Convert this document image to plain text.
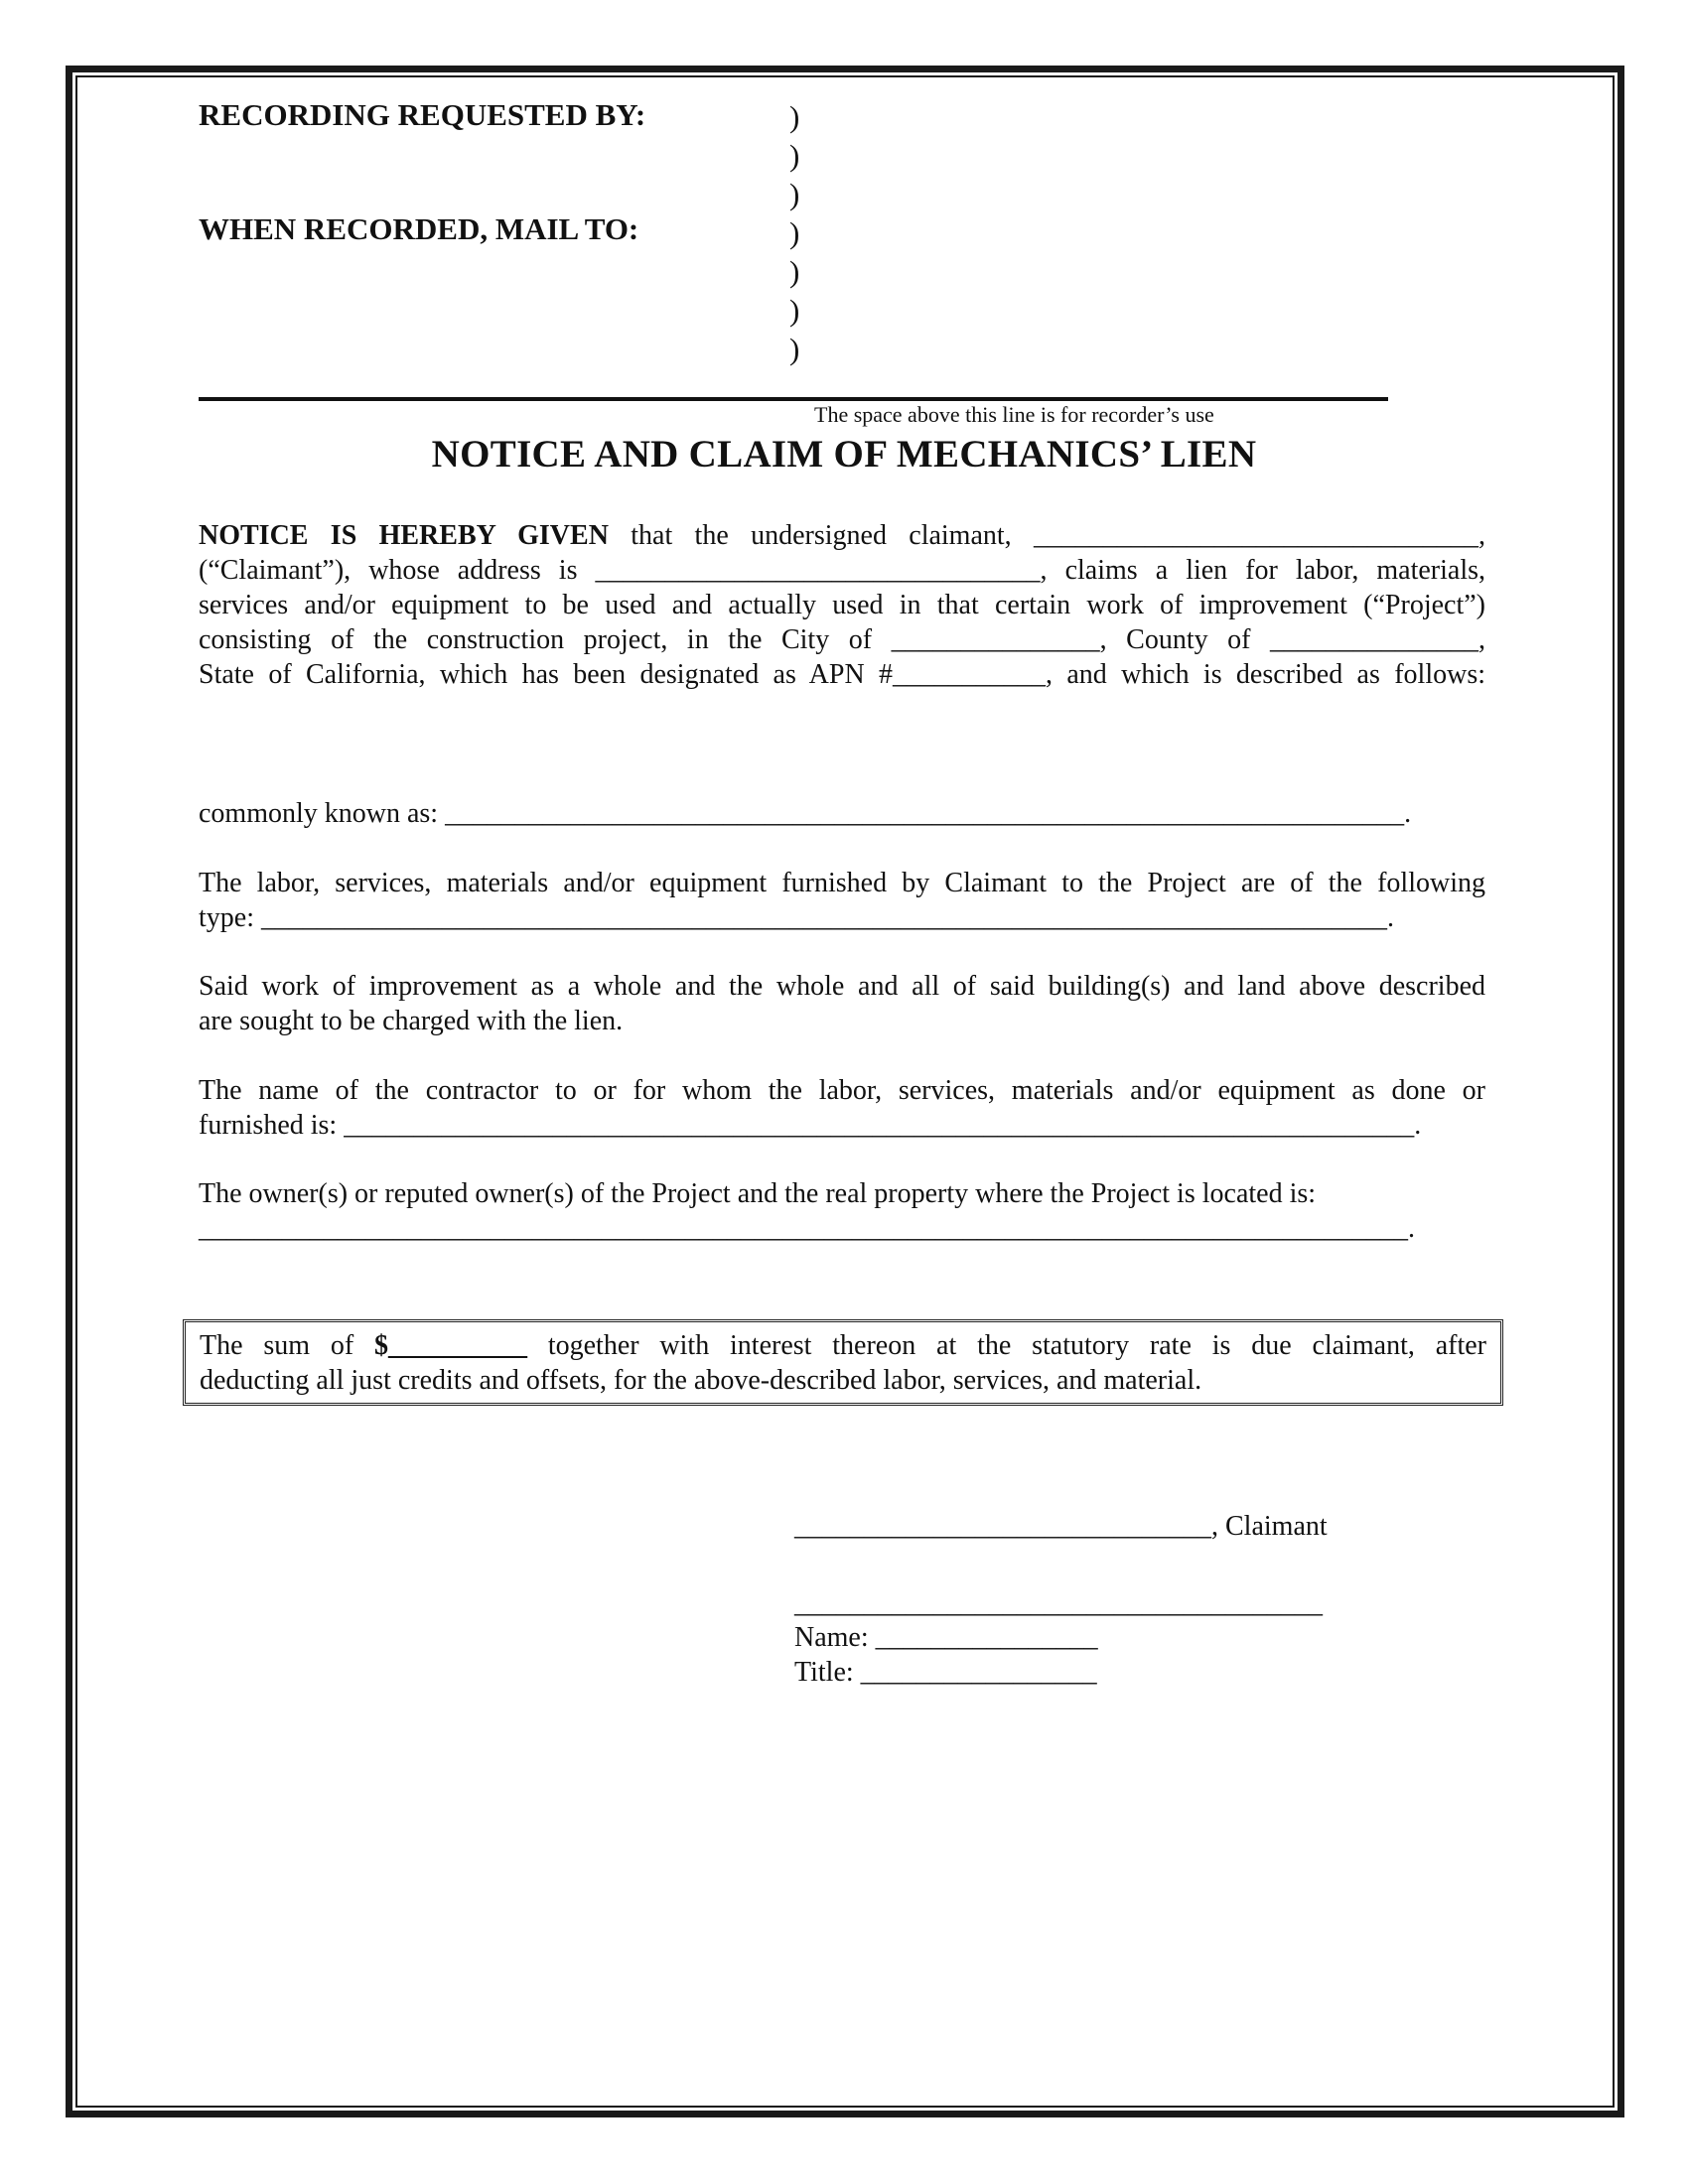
RECORDING REQUESTED BY:
WHEN RECORDED, MAIL TO:
)
)
)
)
)
)
)
The space above this line is for recorder’s use
NOTICE AND CLAIM OF MECHANICS’ LIEN

NOTICE IS HEREBY GIVEN that the undersigned claimant, ________________________________,

(“Claimant”), whose address is ________________________________, claims a lien for labor, materials,

services and/or equipment to be used and actually used in that certain work of improvement (“Project”)

consisting of the construction project, in the City of _______________, County of _______________,

State of California, which has been designated as APN #___________, and which is described as follows:

commonly known as: _____________________________________________________________________.

The labor, services, materials and/or equipment furnished by Claimant to the Project are of the following

type: _________________________________________________________________________________.

Said work of improvement as a whole and the whole and all of said building(s) and land above described

are sought to be charged with the lien.

The name of the contractor to or for whom the labor, services, materials and/or equipment as done or

furnished is: _____________________________________________________________________________.

The owner(s) or reputed owner(s) of the Project and the real property where the Project is located is:

_______________________________________________________________________________________.

The sum of $__________ together with interest thereon at the statutory rate is due claimant, after

deducting all just credits and offsets, for the above-described labor, services, and material.

______________________________, Claimant
______________________________________
Name: ________________
Title: _________________
